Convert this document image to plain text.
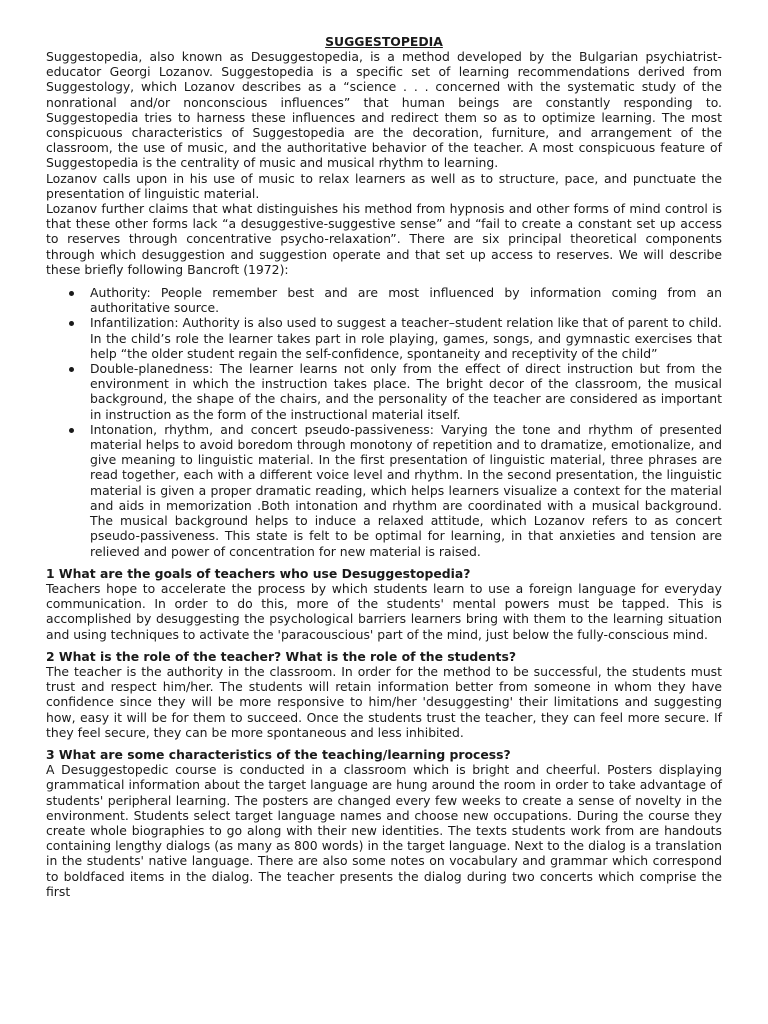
SUGGESTOPEDIA

Suggestopedia, also known as Desuggestopedia, is a method developed by the Bulgarian psychiatrist-educator Georgi Lozanov. Suggestopedia is a specific set of learning recommendations derived from Suggestology, which Lozanov describes as a “science . . . concerned with the systematic study of the nonrational and/or nonconscious influences” that human beings are constantly responding to. Suggestopedia tries to harness these influences and redirect them so as to optimize learning. The most conspicuous characteristics of Suggestopedia are the decoration, furniture, and arrangement of the classroom, the use of music, and the authoritative behavior of the teacher. A most conspicuous feature of Suggestopedia is the centrality of music and musical rhythm to learning.

Lozanov calls upon in his use of music to relax learners as well as to structure, pace, and punctuate the presentation of linguistic material.

Lozanov further claims that what distinguishes his method from hypnosis and other forms of mind control is that these other forms lack “a desuggestive-suggestive sense” and “fail to create a constant set up access to reserves through concentrative psycho-relaxation”. There are six principal theoretical components through which desuggestion and suggestion operate and that set up access to reserves. We will describe these briefly following Bancroft (1972):

Authority: People remember best and are most influenced by information coming from an authoritative source.
Infantilization: Authority is also used to suggest a teacher–student relation like that of parent to child. In the child’s role the learner takes part in role playing, games, songs, and gymnastic exercises that help “the older student regain the self-confidence, spontaneity and receptivity of the child”
Double-planedness: The learner learns not only from the effect of direct instruction but from the environment in which the instruction takes place. The bright decor of the classroom, the musical background, the shape of the chairs, and the personality of the teacher are considered as important in instruction as the form of the instructional material itself.
Intonation, rhythm, and concert pseudo-passiveness: Varying the tone and rhythm of presented material helps to avoid boredom through monotony of repetition and to dramatize, emotionalize, and give meaning to linguistic material. In the first presentation of linguistic material, three phrases are read together, each with a different voice level and rhythm. In the second presentation, the linguistic material is given a proper dramatic reading, which helps learners visualize a context for the material and aids in memorization .Both intonation and rhythm are coordinated with a musical background. The musical background helps to induce a relaxed attitude, which Lozanov refers to as concert pseudo-passiveness. This state is felt to be optimal for learning, in that anxieties and tension are relieved and power of concentration for new material is raised.
1 What are the goals of teachers who use Desuggestopedia?

Teachers hope to accelerate the process by which students learn to use a foreign language for everyday communication. In order to do this, more of the students' mental powers must be tapped. This is accomplished by desuggesting the psychological barriers learners bring with them to the learning situation and using techniques to activate the 'paracouscious' part of the mind, just below the fully-conscious mind.

2 What is the role of the teacher? What is the role of the students?

The teacher is the authority in the classroom. In order for the method to be successful, the students must trust and respect him/her. The students will retain information better from someone in whom they have confidence since they will be more responsive to him/her 'desuggesting' their limitations and suggesting how, easy it will be for them to succeed. Once the students trust the teacher, they can feel more secure. If they feel secure, they can be more spontaneous and less inhibited.

3 What are some characteristics of the teaching/learning process?

A Desuggestopedic course is conducted in a classroom which is bright and cheerful. Posters displaying grammatical information about the target language are hung around the room in order to take advantage of students' peripheral learning. The posters are changed every few weeks to create a sense of novelty in the environment. Students select target language names and choose new occupations. During the course they create whole biographies to go along with their new identities. The texts students work from are handouts containing lengthy dialogs (as many as 800 words) in the target language. Next to the dialog is a translation in the students' native language. There are also some notes on vocabulary and grammar which correspond to boldfaced items in the dialog. The teacher presents the dialog during two concerts which comprise the first
